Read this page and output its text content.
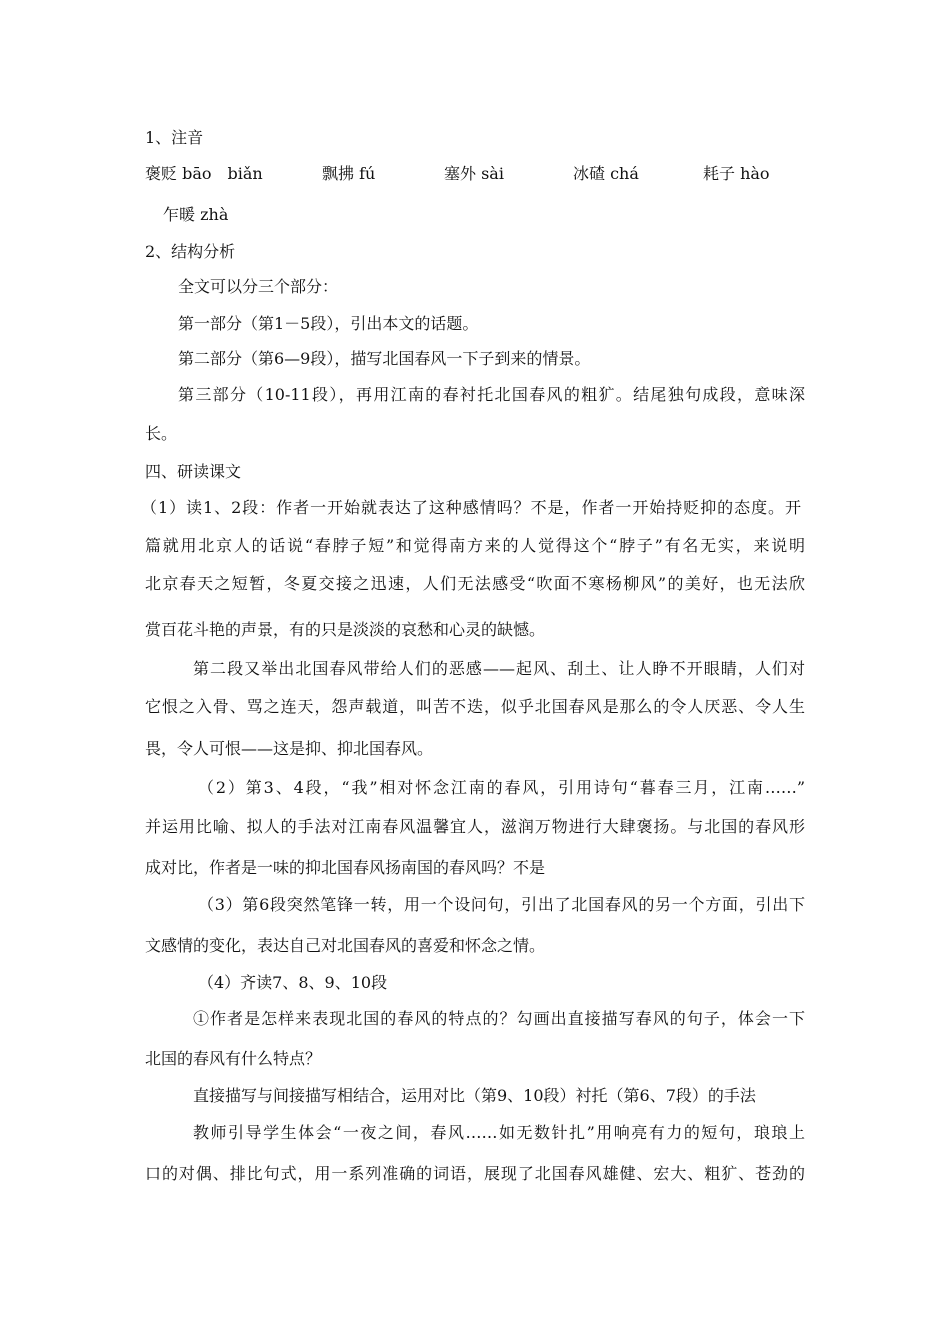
1、注音
褒贬 bāo　biǎn	飘拂 fú	塞外 sài	冰碴 chá	耗子 hào
乍暖 zhà
2、结构分析
全文可以分三个部分：
第一部分（第1－5段），引出本文的话题。
第二部分（第6—9段），描写北国春风一下子到来的情景。
第三部分（10-11段），再用江南的春衬托北国春风的粗犷。结尾独句成段，意味深
长。
四、研读课文
（1）读1、2段：作者一开始就表达了这种感情吗？不是，作者一开始持贬抑的态度。开
篇就用北京人的话说“春脖子短”和觉得南方来的人觉得这个“脖子”有名无实，来说明
北京春天之短暂，冬夏交接之迅速，人们无法感受“吹面不寒杨柳风”的美好，也无法欣
赏百花斗艳的声景，有的只是淡淡的哀愁和心灵的缺憾。
第二段又举出北国春风带给人们的恶感——起风、刮土、让人睁不开眼睛，人们对
它恨之入骨、骂之连天，怨声载道，叫苦不迭，似乎北国春风是那么的令人厌恶、令人生
畏，令人可恨——这是抑、抑北国春风。
（2）第3、4段，“我”相对怀念江南的春风，引用诗句“暮春三月，江南……”
并运用比喻、拟人的手法对江南春风温馨宜人，滋润万物进行大肆褒扬。与北国的春风形
成对比，作者是一味的抑北国春风扬南国的春风吗？不是
（3）第6段突然笔锋一转，用一个设问句，引出了北国春风的另一个方面，引出下
文感情的变化，表达自己对北国春风的喜爱和怀念之情。
（4）齐读7、8、9、10段
①作者是怎样来表现北国的春风的特点的？勾画出直接描写春风的句子，体会一下
北国的春风有什么特点？
直接描写与间接描写相结合，运用对比（第9、10段）衬托（第6、7段）的手法
教师引导学生体会“一夜之间，春风……如无数针扎”用响亮有力的短句，琅琅上
口的对偶、排比句式，用一系列准确的词语，展现了北国春风雄健、宏大、粗犷、苍劲的
